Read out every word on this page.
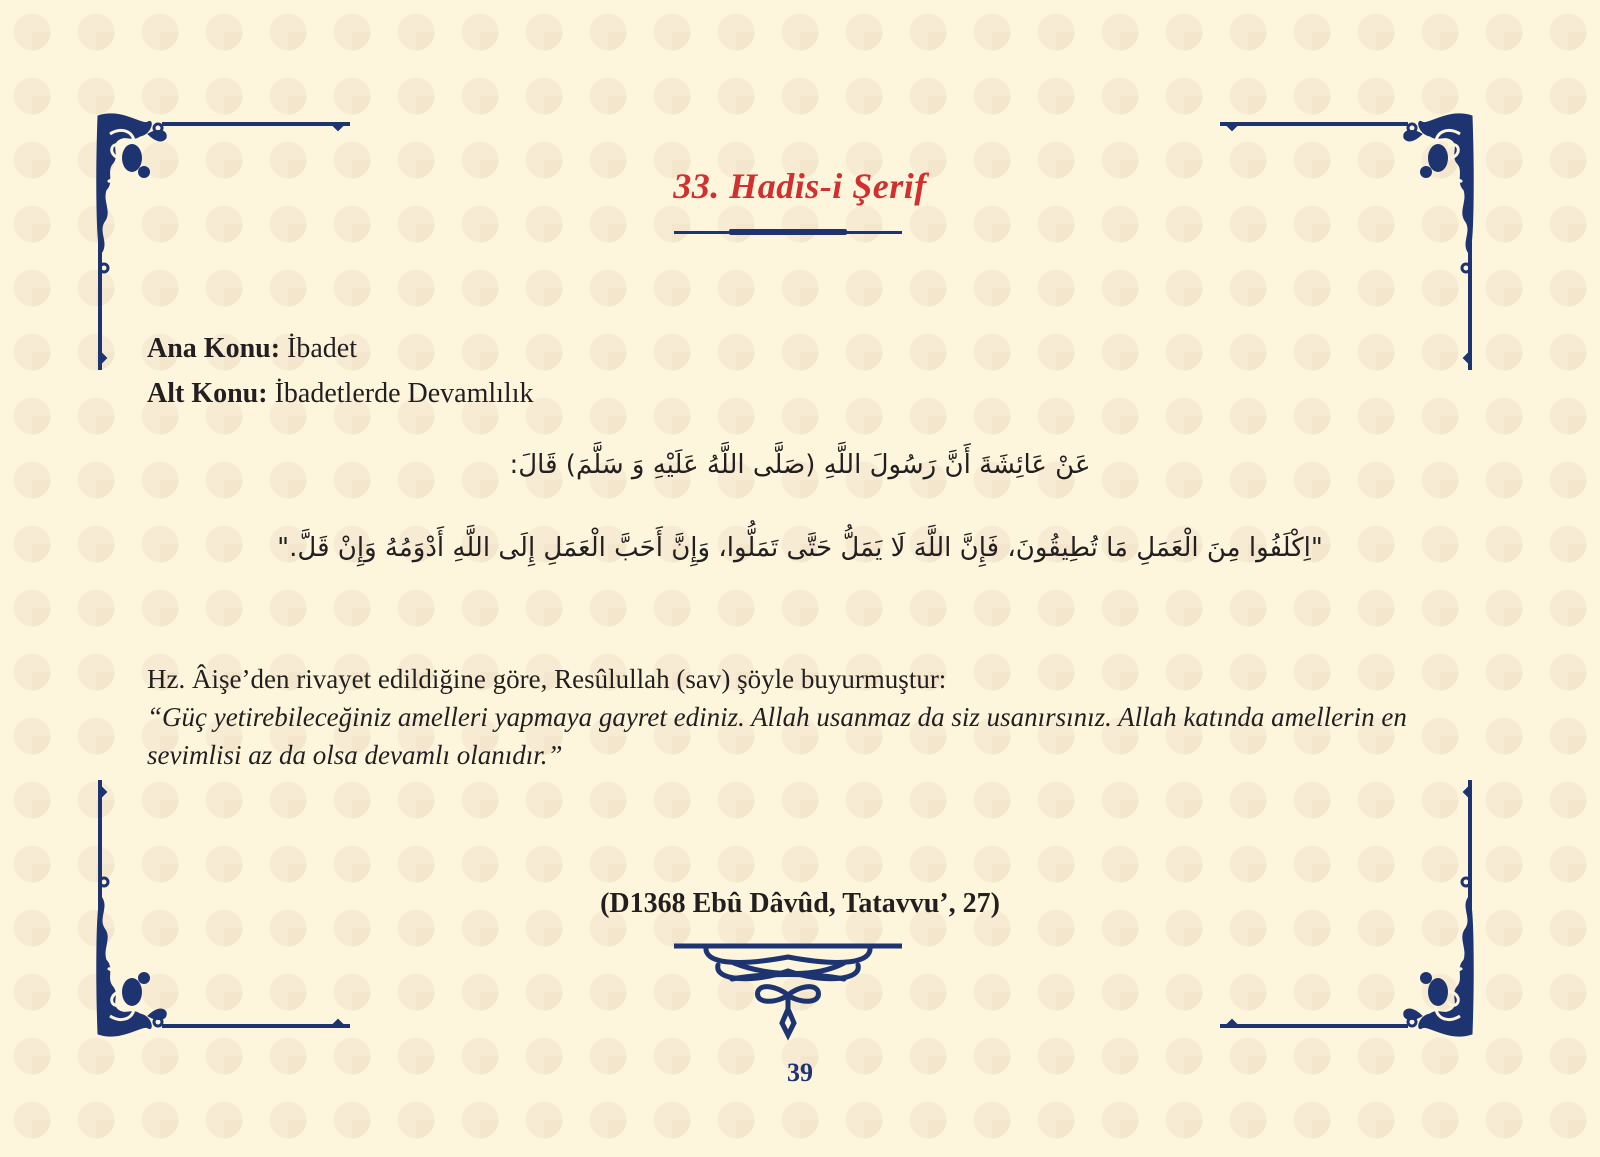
33. Hadis-i Şerif
Ana Konu: İbadet
Alt Konu: İbadetlerde Devamlılık
عَنْ عَائِشَةَ أَنَّ رَسُولَ اللَّهِ (صَلَّى اللَّهُ عَلَيْهِ وَ سَلَّمَ) قَالَ:
"اِكْلَفُوا مِنَ الْعَمَلِ مَا تُطِيقُونَ، فَإِنَّ اللَّهَ لَا يَمَلُّ حَتَّى تَمَلُّوا، وَإِنَّ أَحَبَّ الْعَمَلِ إِلَى اللَّهِ أَدْوَمُهُ وَإِنْ قَلَّ."
Hz. Âişe’den rivayet edildiğine göre, Resûlullah (sav) şöyle buyurmuştur:
“Güç yetirebileceğiniz amelleri yapmaya gayret ediniz. Allah usanmaz da siz usanırsınız. Allah katında amellerin en sevimlisi az da olsa devamlı olanıdır.”
(D1368 Ebû Dâvûd, Tatavvu’, 27)
39
